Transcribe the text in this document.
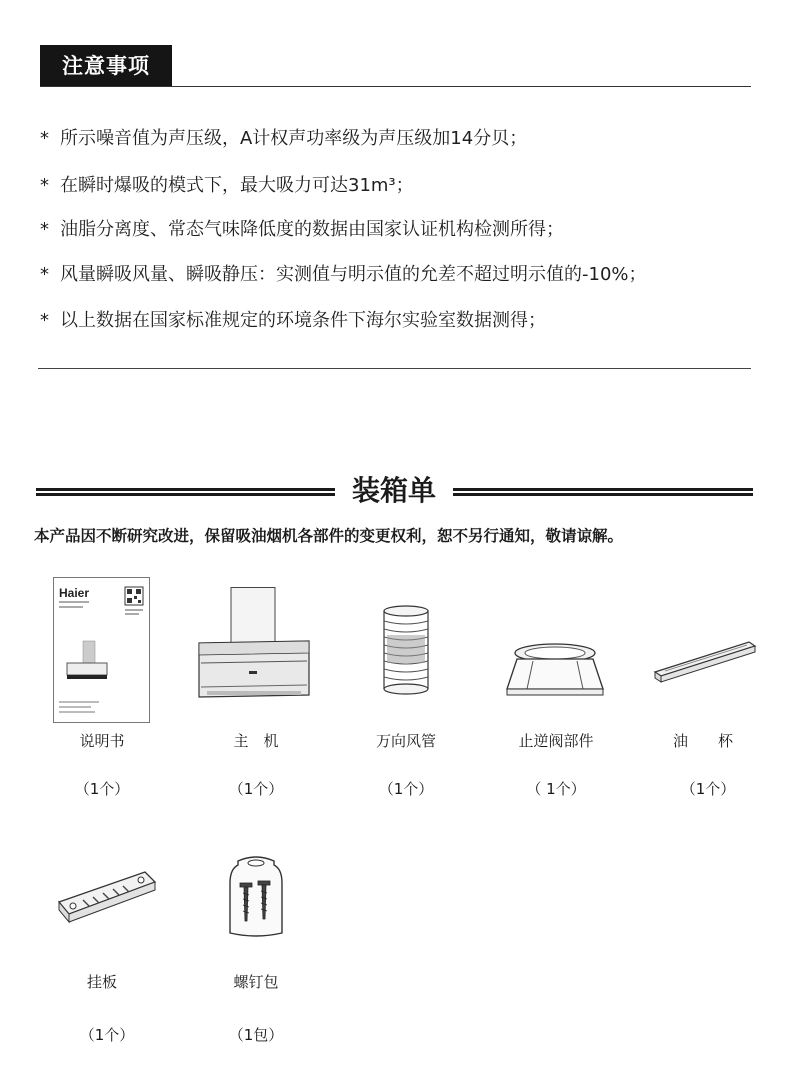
注意事项
* 所示噪音值为声压级，A计权声功率级为声压级加14分贝；
* 在瞬时爆吸的模式下，最大吸力可达31m³；
* 油脂分离度、常态气味降低度的数据由国家认证机构检测所得；
* 风量瞬吸风量、瞬吸静压：实测值与明示值的允差不超过明示值的-10%；
* 以上数据在国家标准规定的环境条件下海尔实验室数据测得；
装箱单
本产品因不断研究改进，保留吸油烟机各部件的变更权利，恕不另行通知，敬请谅解。
Haier
说明书
（1个）
主　机
（1个）
万向风管
（1个）
止逆阀部件
（ 1个）
油　　杯
（1个）
挂板
（1个）
螺钉包
（1包）
